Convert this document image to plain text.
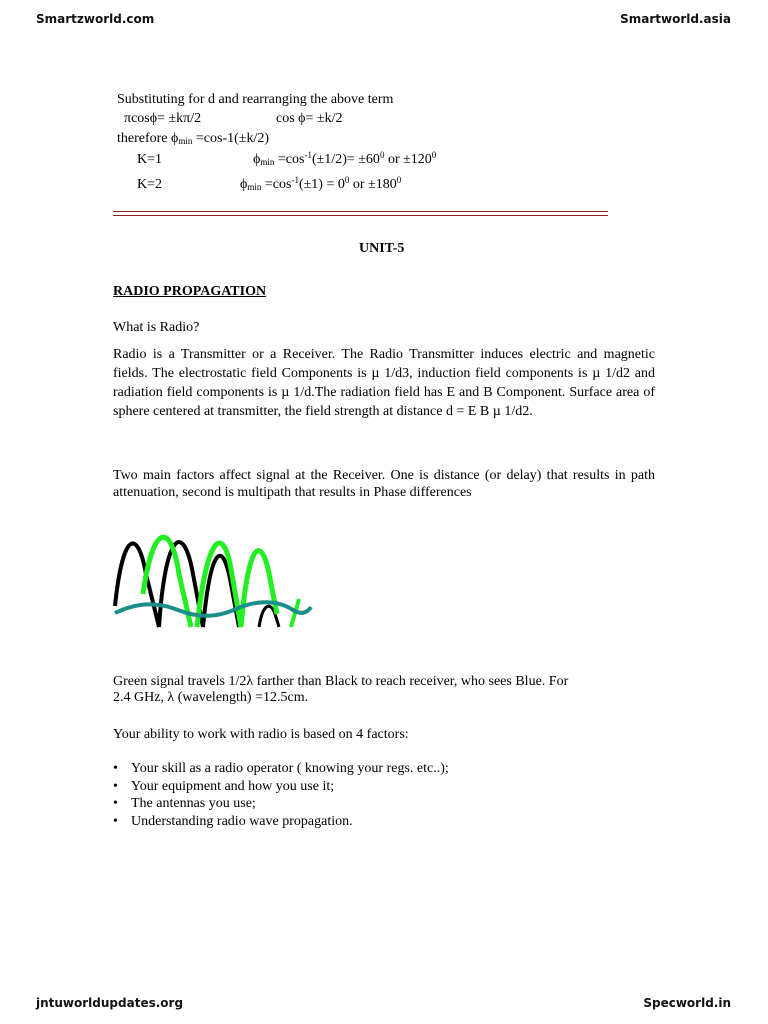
Smartzworld.com	Smartworld.asia
jntuworldupdates.org	Specworld.in
Substituting for d and rearranging the above term
πcosϕ= ±kπ/2	cos ϕ= ±k/2
therefore $\phi_{min} =\cos-1(\pm k/2)$
K=1	$\phi_{min} =\cos^{-1}(\pm 1/2)= \pm 60^0$ or $\pm 120^0$
K=2	$\phi_{min} =\cos^{-1}(\pm 1) = 0^0$ or $\pm 180^0$
UNIT-5
RADIO PROPAGATION
What is Radio?
Radio is a Transmitter or a Receiver. The Radio Transmitter induces electric and magnetic fields. The electrostatic field Components is µ 1/d3, induction field components is µ 1/d2 and radiation field components is µ 1/d.The radiation field has E and B Component. Surface area of sphere centered at transmitter, the field strength at distance d = E B µ 1/d2.
Two main factors affect signal at the Receiver. One is distance (or delay) that results in path attenuation, second is multipath that results in Phase differences
Green signal travels 1/2λ farther than Black to reach receiver, who sees Blue. For
2.4 GHz, λ (wavelength) =12.5cm.
Your ability to work with radio is based on 4 factors:
• Your skill as a radio operator ( knowing your regs. etc..);
• Your equipment and how you use it;
• The antennas you use;
• Understanding radio wave propagation.
